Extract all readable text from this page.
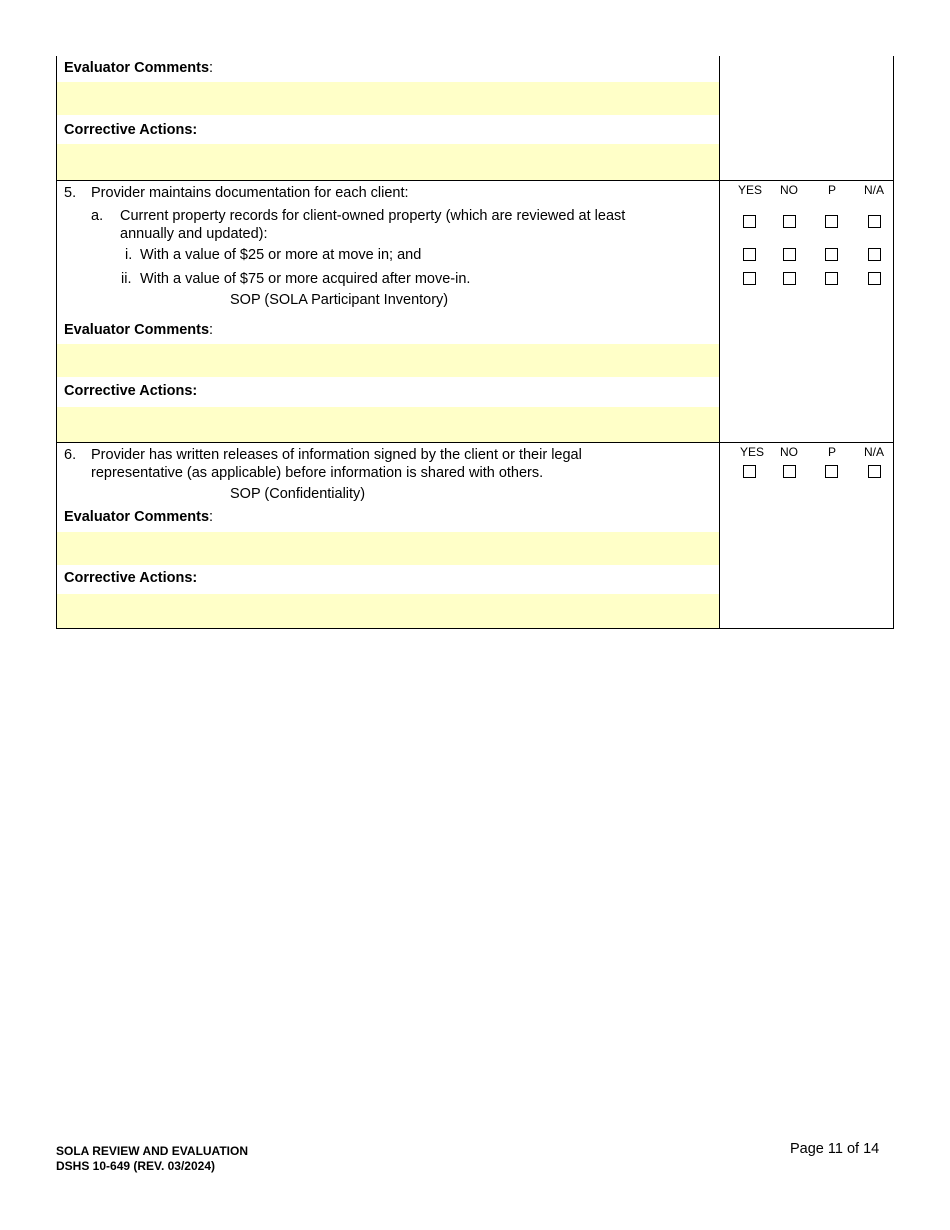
Evaluator Comments:
Corrective Actions:
5. Provider maintains documentation for each client:
a. Current property records for client-owned property (which are reviewed at least
annually and updated):
i. With a value of $25 or more at move in; and
ii. With a value of $75 or more acquired after move-in.
SOP (SOLA Participant Inventory)
YES	NO	P	N/A
Evaluator Comments:
Corrective Actions:
6. Provider has written releases of information signed by the client or their legal
representative (as applicable) before information is shared with others.
SOP (Confidentiality)
YES	NO	P	N/A
Evaluator Comments:
Corrective Actions:
SOLA REVIEW AND EVALUATION
DSHS 10-649 (REV. 03/2024)
Page 11 of 14
